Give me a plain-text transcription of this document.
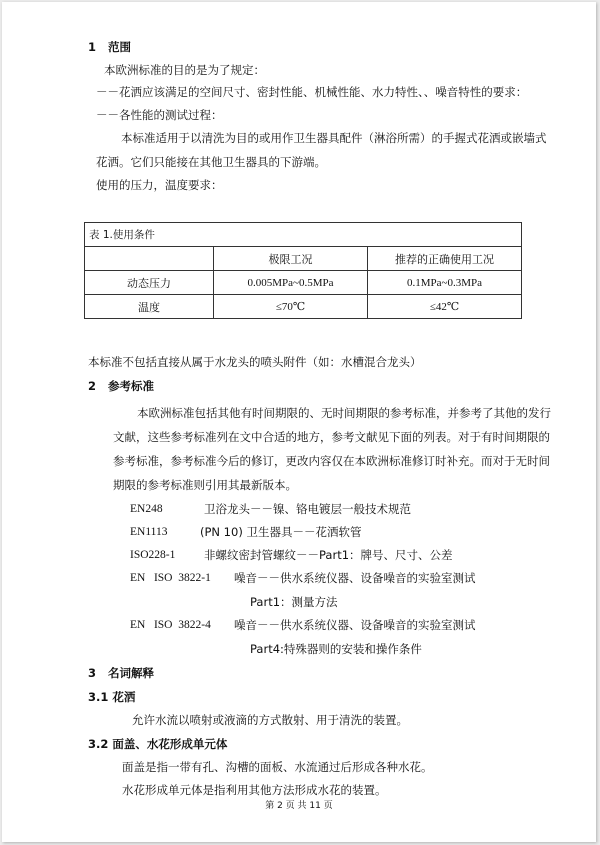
1 范围
本欧洲标准的目的是为了规定：
－－花洒应该满足的空间尺寸、密封性能、机械性能、水力特性、、噪音特性的要求：
－－各性能的测试过程：
本标准适用于以清洗为目的或用作卫生器具配件（淋浴所需）的手握式花洒或嵌墙式
花洒。它们只能接在其他卫生器具的下游端。
使用的压力，温度要求：
表 1.使用条件		
	极限工况	推荐的正确使用工况
动态压力	0.005MPa~0.5MPa	0.1MPa~0.3MPa
温度	≤70℃	≤42℃
本标准不包括直接从属于水龙头的喷头附件（如：水槽混合龙头）
2 参考标准
本欧洲标准包括其他有时间期限的、无时间期限的参考标准，并参考了其他的发行
文献，这些参考标准列在文中合适的地方，参考文献见下面的列表。对于有时间期限的
参考标准，参考标准今后的修订，更改内容仅在本欧洲标准修订时补充。而对于无时间
期限的参考标准则引用其最新版本。
EN248	卫浴龙头－－镍、铬电镀层一般技术规范
EN1113	(PN 10) 卫生器具－－花洒软管
ISO228-1 非螺纹密封管螺纹－－Part1：牌号、尺寸、公差
EN   ISO  3822-1 噪音－－供水系统仪器、设备噪音的实验室测试
Part1：测量方法
EN   ISO  3822-4 噪音－－供水系统仪器、设备噪音的实验室测试
Part4:特殊器则的安装和操作条件
3 名词解释
3.1 花洒
允许水流以喷射或液滴的方式散射、用于清洗的装置。
3.2 面盖、水花形成单元体
面盖是指一带有孔、沟槽的面板、水流通过后形成各种水花。
水花形成单元体是指利用其他方法形成水花的装置。
第 2 页 共 11 页
